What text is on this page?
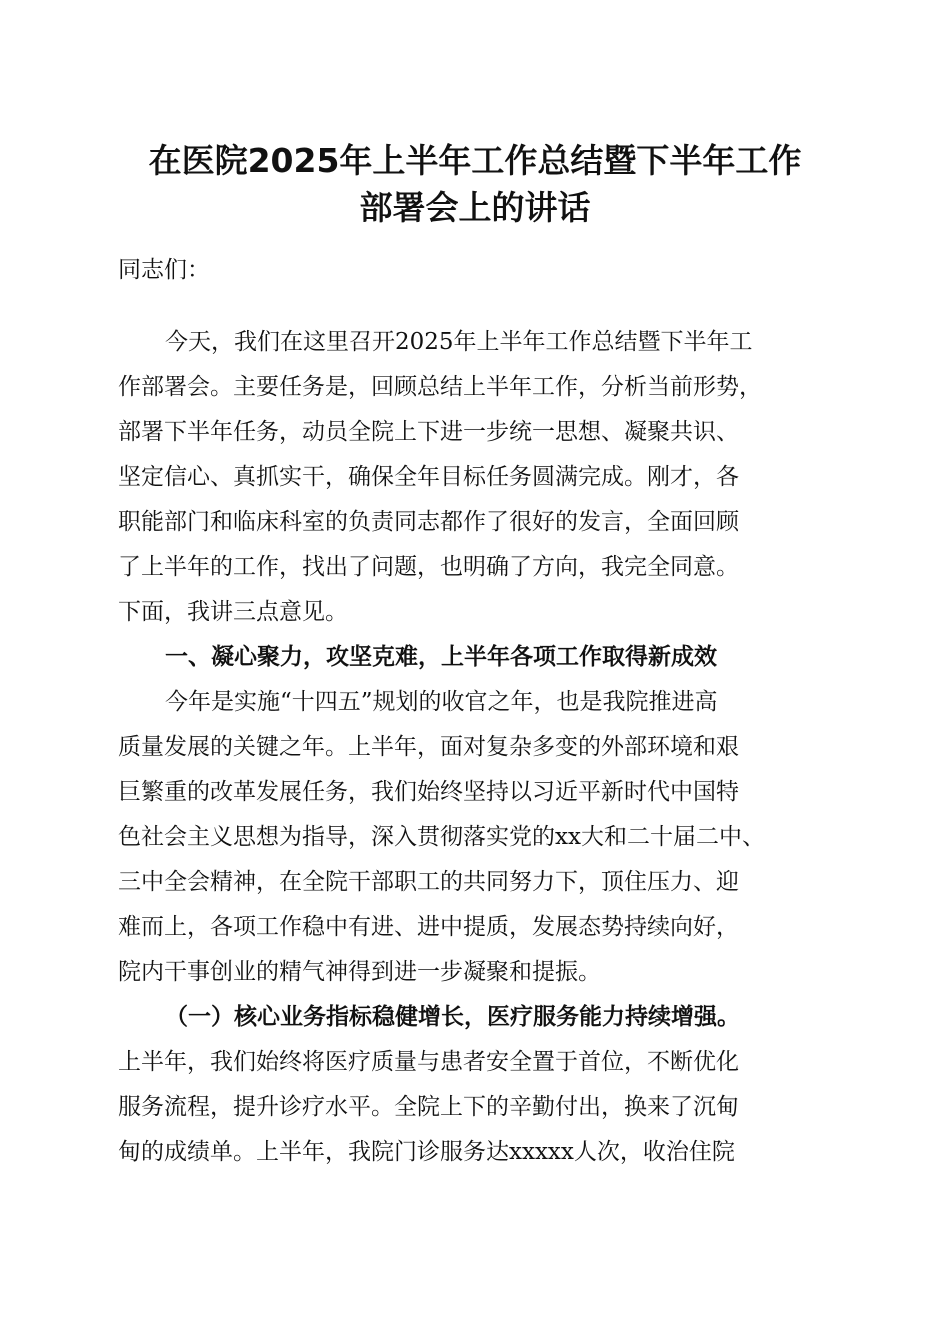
在医院2025年上半年工作总结暨下半年工作
部署会上的讲话

同志们：

今天，我们在这里召开2025年上半年工作总结暨下半年工

作部署会。主要任务是，回顾总结上半年工作，分析当前形势，

部署下半年任务，动员全院上下进一步统一思想、凝聚共识、

坚定信心、真抓实干，确保全年目标任务圆满完成。刚才，各

职能部门和临床科室的负责同志都作了很好的发言，全面回顾

了上半年的工作，找出了问题，也明确了方向，我完全同意。

下面，我讲三点意见。

一、凝心聚力，攻坚克难，上半年各项工作取得新成效

今年是实施“十四五”规划的收官之年，也是我院推进高

质量发展的关键之年。上半年，面对复杂多变的外部环境和艰

巨繁重的改革发展任务，我们始终坚持以习近平新时代中国特

色社会主义思想为指导，深入贯彻落实党的xx大和二十届二中、

三中全会精神，在全院干部职工的共同努力下，顶住压力、迎

难而上，各项工作稳中有进、进中提质，发展态势持续向好，

院内干事创业的精气神得到进一步凝聚和提振。

（一）核心业务指标稳健增长，医疗服务能力持续增强。

上半年，我们始终将医疗质量与患者安全置于首位，不断优化

服务流程，提升诊疗水平。全院上下的辛勤付出，换来了沉甸

甸的成绩单。上半年，我院门诊服务达xxxxx人次，收治住院
